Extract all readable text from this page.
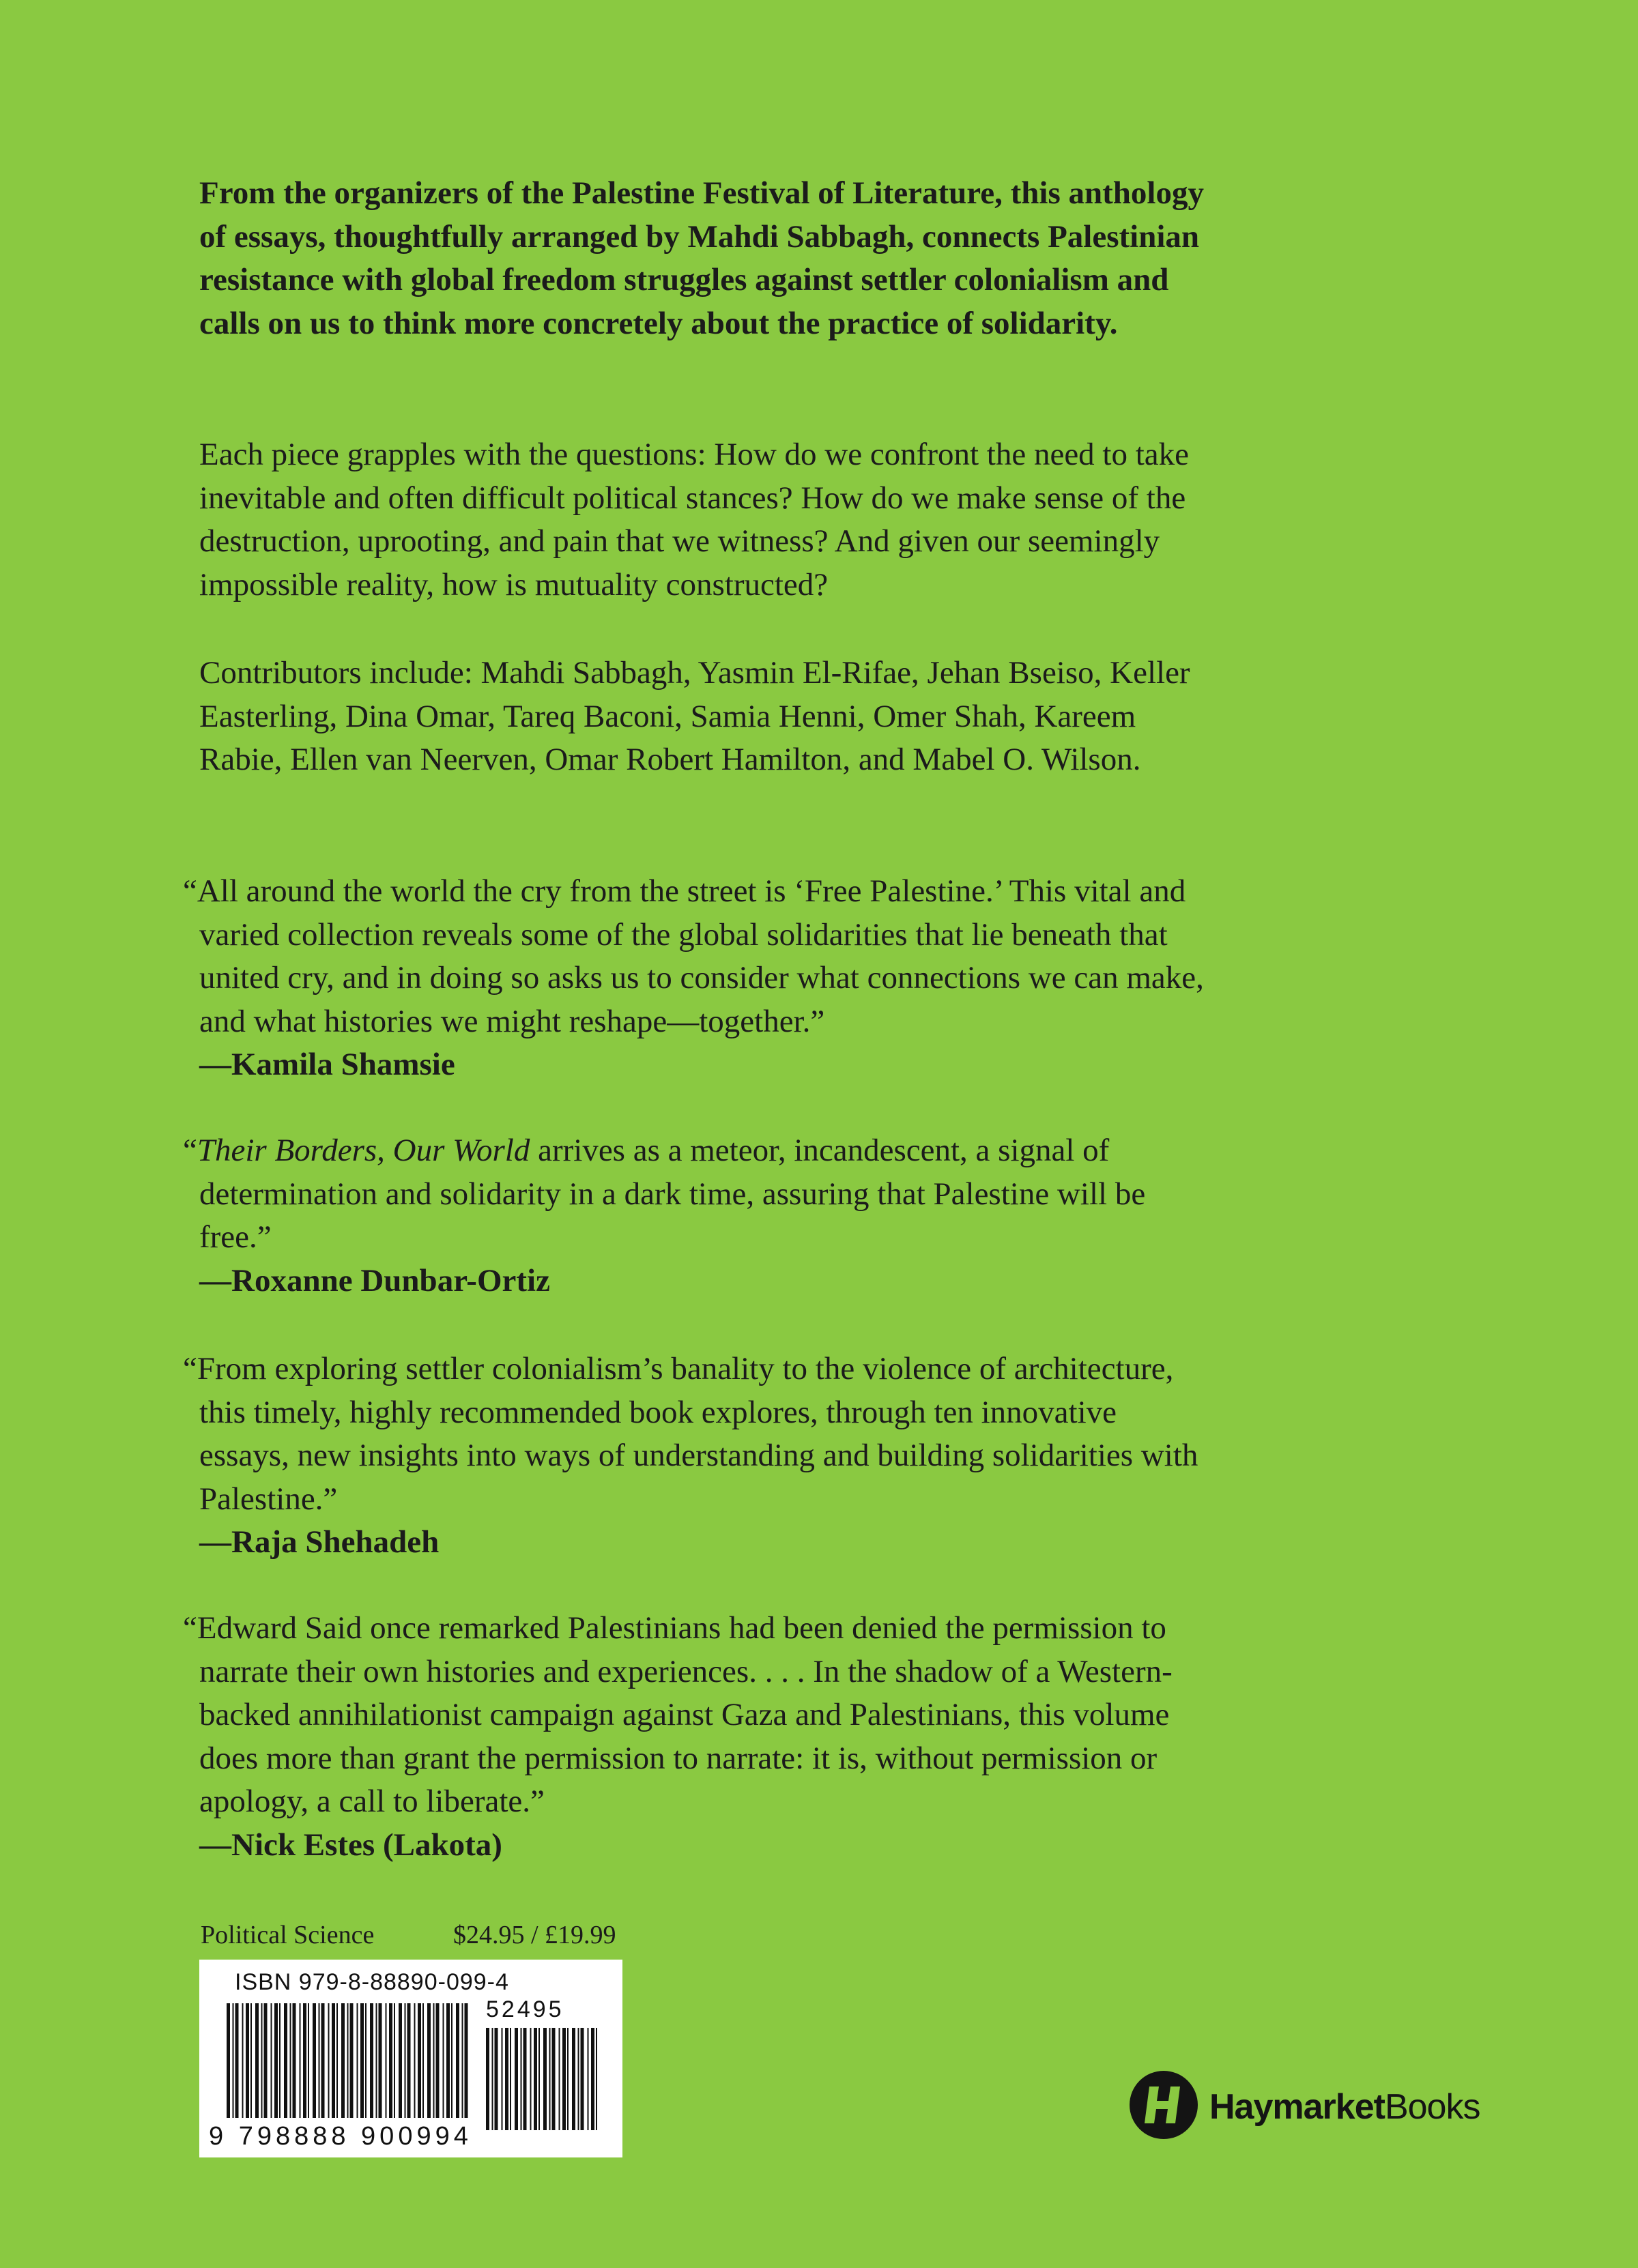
From the organizers of the Palestine Festival of Literature, this anthology of essays, thoughtfully arranged by Mahdi Sabbagh, connects Palestinian resistance with global freedom struggles against settler colonialism and calls on us to think more concretely about the practice of solidarity.

Each piece grapples with the questions: How do we confront the need to take inevitable and often difficult political stances? How do we make sense of the destruction, uprooting, and pain that we witness? And given our seemingly impossible reality, how is mutuality constructed?

Contributors include: Mahdi Sabbagh, Yasmin El-Rifae, Jehan Bseiso, Keller Easterling, Dina Omar, Tareq Baconi, Samia Henni, Omer Shah, Kareem Rabie, Ellen van Neerven, Omar Robert Hamilton, and Mabel O. Wilson.

“All around the world the cry from the street is ‘Free Palestine.’ This vital and varied collection reveals some of the global solidarities that lie beneath that united cry, and in doing so asks us to consider what connections we can make, and what histories we might reshape—together.”

—Kamila Shamsie

“Their Borders, Our World arrives as a meteor, incandescent, a signal of determination and solidarity in a dark time, assuring that Palestine will be free.”

—Roxanne Dunbar-Ortiz

“From exploring settler colonialism’s banality to the violence of architecture, this timely, highly recommended book explores, through ten innovative essays, new insights into ways of understanding and building solidarities with Palestine.”

—Raja Shehadeh

“Edward Said once remarked Palestinians had been denied the permission to narrate their own histories and experiences. . . . In the shadow of a Western-backed annihilationist campaign against Gaza and Palestinians, this volume does more than grant the permission to narrate: it is, without permission or apology, a call to liberate.”

—Nick Estes (Lakota)

Political Science	$24.95 / £19.99
ISBN 979-8-88890-099-4
52495
9 798888 900994
HaymarketBooks
